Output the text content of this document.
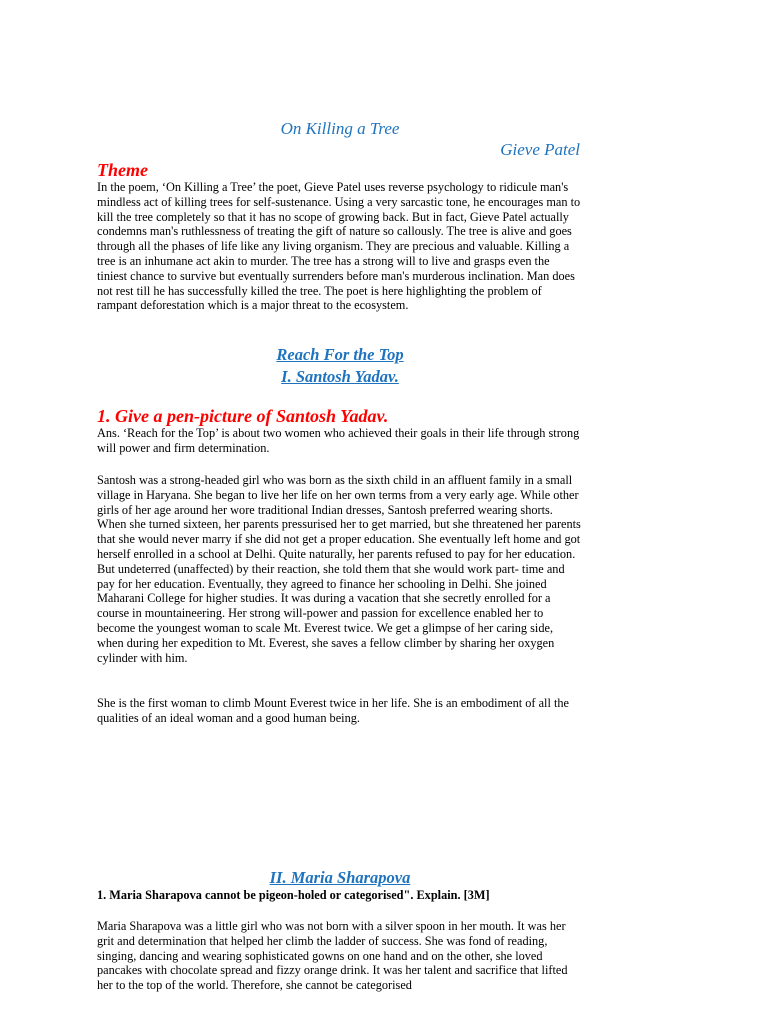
On Killing a Tree
Gieve Patel
Theme
In the poem, ‘On Killing a Tree’ the poet, Gieve Patel uses reverse psychology to ridicule man's mindless act of killing trees for self-sustenance. Using a very sarcastic tone, he encourages man to kill the tree completely so that it has no scope of growing back. But in fact, Gieve Patel actually condemns man's ruthlessness of treating the gift of nature so callously. The tree is alive and goes through all the phases of life like any living organism. They are precious and valuable. Killing a tree is an inhumane act akin to murder. The tree has a strong will to live and grasps even the tiniest chance to survive but eventually surrenders before man's murderous inclination. Man does not rest till he has successfully killed the tree. The poet is here highlighting the problem of rampant deforestation which is a major threat to the ecosystem.
Reach For the Top
I. Santosh Yadav.
1. Give a pen-picture of Santosh Yadav.
Ans. ‘Reach for the Top’ is about two women who achieved their goals in their life through strong will power and firm determination.
Santosh was a strong-headed girl who was born as the sixth child in an affluent family in a small village in Haryana. She began to live her life on her own terms from a very early age. While other girls of her age around her wore traditional Indian dresses, Santosh preferred wearing shorts. When she turned sixteen, her parents pressurised her to get married, but she threatened her parents that she would never marry if she did not get a proper education. She eventually left home and got herself enrolled in a school at Delhi. Quite naturally, her parents refused to pay for her education. But undeterred (unaffected) by their reaction, she told them that she would work part- time and pay for her education. Eventually, they agreed to finance her schooling in Delhi. She joined Maharani College for higher studies. It was during a vacation that she secretly enrolled for a course in mountaineering. Her strong will-power and passion for excellence enabled her to become the youngest woman to scale Mt. Everest twice. We get a glimpse of her caring side, when during her expedition to Mt. Everest, she saves a fellow climber by sharing her oxygen cylinder with him.
She is the first woman to climb Mount Everest twice in her life. She is an embodiment of all the qualities of an ideal woman and a good human being.
II. Maria Sharapova
1. Maria Sharapova cannot be pigeon-holed or categorised". Explain. [3M]
Maria Sharapova was a little girl who was not born with a silver spoon in her mouth. It was her grit and determination that helped her climb the ladder of success. She was fond of reading, singing, dancing and wearing sophisticated gowns on one hand and on the other, she loved pancakes with chocolate spread and fizzy orange drink. It was her talent and sacrifice that lifted her to the top of the world. Therefore, she cannot be categorised
